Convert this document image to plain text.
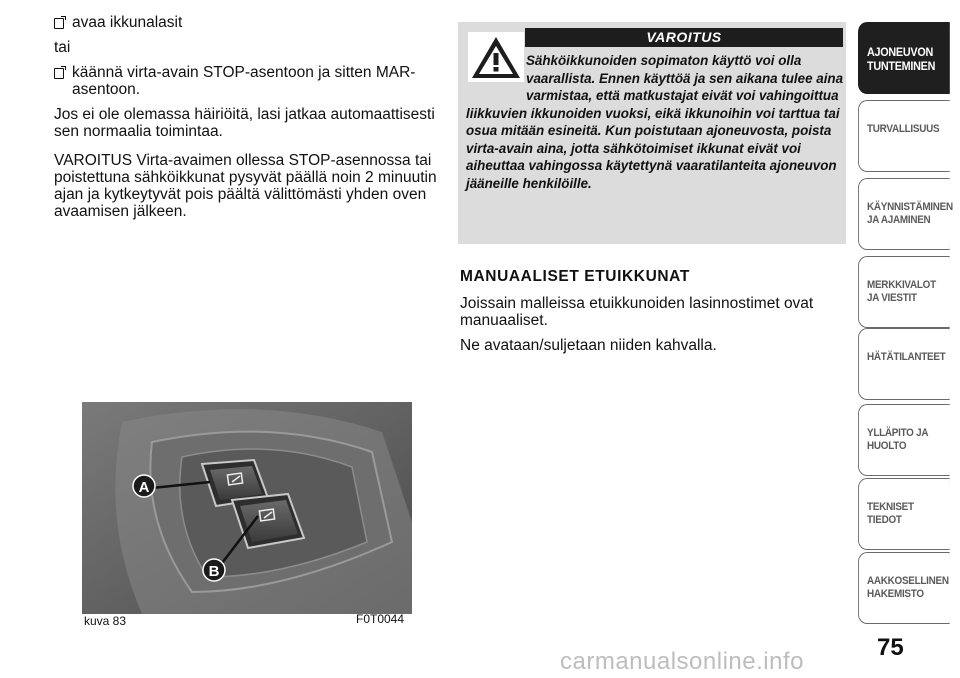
avaa ikkunalasit
tai
käännä virta-avain STOP-asentoon ja sitten MAR-asentoon.
Jos ei ole olemassa häiriöitä, lasi jatkaa automaattisesti sen normaalia toimintaa.
VAROITUS Virta-avaimen ollessa STOP-asennossa tai poistettuna sähköikkunat pysyvät päällä noin 2 minuutin ajan ja kytkeytyvät pois päältä välittömästi yhden oven avaamisen jälkeen.
VAROITUS
Sähköikkunoiden sopimaton käyttö voi olla vaarallista. Ennen käyttöä ja sen aikana tulee aina varmistaa, että matkustajat eivät voi vahingoittua liikkuvien ikkunoiden vuoksi, eikä ikkunoihin voi tarttua tai osua mitään esineitä. Kun poistutaan ajoneuvosta, poista virta-avain aina, jotta sähkötoimiset ikkunat eivät voi aiheuttaa vahingossa käytettynä vaaratilanteita ajoneuvon jääneille henkilöille.
MANUAALISET ETUIKKUNAT
Joissain malleissa etuikkunoiden lasinnostimet ovat manuaaliset.
Ne avataan/suljetaan niiden kahvalla.
A
B
kuva 83	F0T0044
AJONEUVON TUNTEMINEN
TURVALLISUUS
KÄYNNISTÄMINEN JA AJAMINEN
MERKKIVALOT JA VIESTIT
HÄTÄTILANTEET
YLLÄPITO JA HUOLTO
TEKNISET TIEDOT
AAKKOSELLINEN HAKEMISTO
75
carmanualsonline.info
